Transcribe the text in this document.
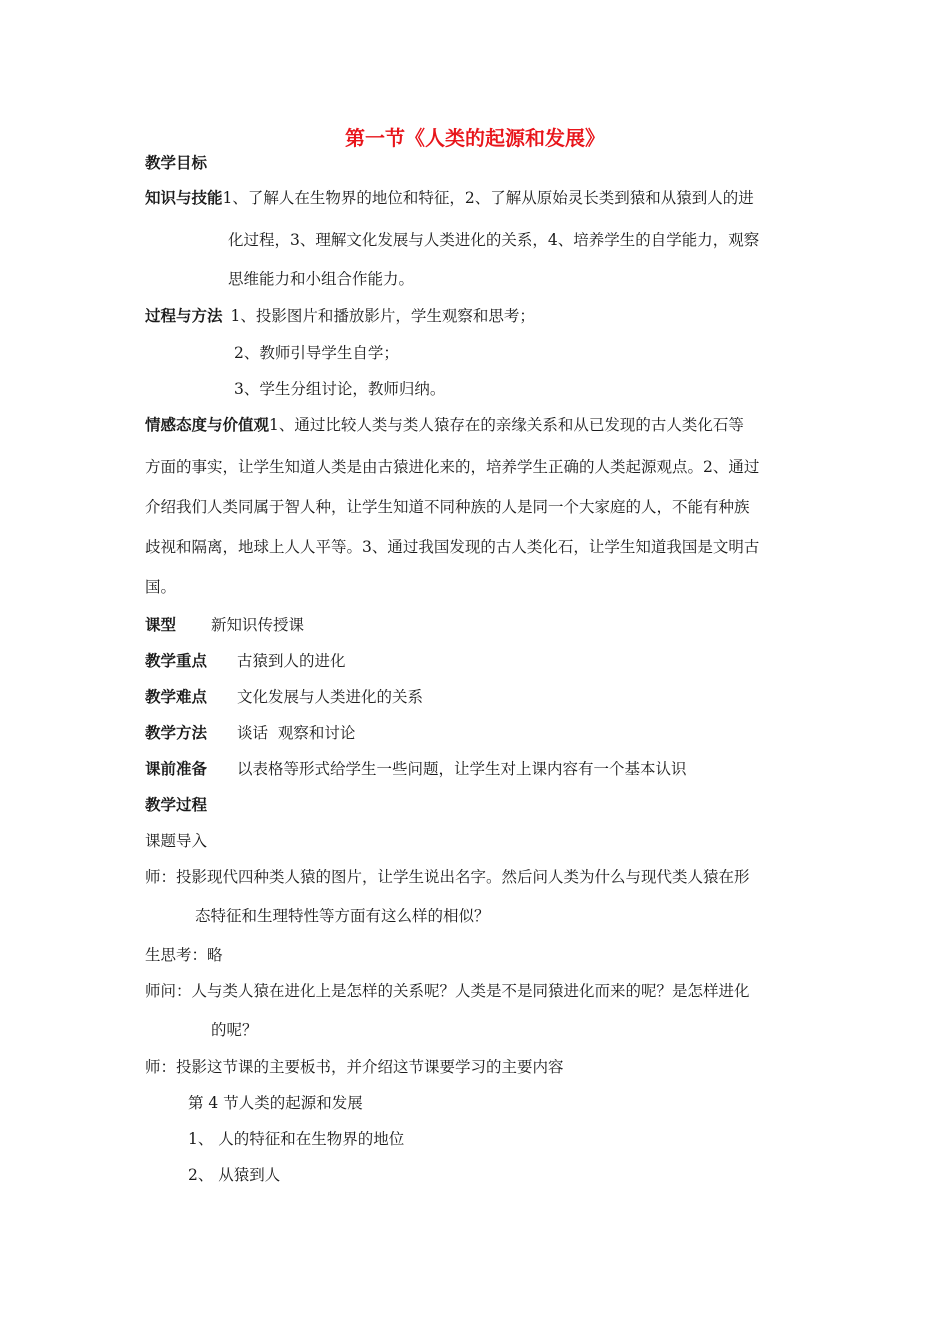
第一节《人类的起源和发展》
教学目标
知识与技能1、了解人在生物界的地位和特征，2、了解从原始灵长类到猿和从猿到人的进
化过程，3、理解文化发展与人类进化的关系，4、培养学生的自学能力，观察
思维能力和小组合作能力。
过程与方法 1、投影图片和播放影片，学生观察和思考；
2、教师引导学生自学；
3、学生分组讨论，教师归纳。
情感态度与价值观1、通过比较人类与类人猿存在的亲缘关系和从已发现的古人类化石等
方面的事实，让学生知道人类是由古猿进化来的，培养学生正确的人类起源观点。2、通过
介绍我们人类同属于智人种，让学生知道不同种族的人是同一个大家庭的人，不能有种族
歧视和隔离，地球上人人平等。3、通过我国发现的古人类化石，让学生知道我国是文明古
国。
课型 新知识传授课
教学重点 古猿到人的进化
教学难点 文化发展与人类进化的关系
教学方法 谈话  观察和讨论
课前准备 以表格等形式给学生一些问题，让学生对上课内容有一个基本认识
教学过程
课题导入
师：投影现代四种类人猿的图片，让学生说出名字。然后问人类为什么与现代类人猿在形
态特征和生理特性等方面有这么样的相似？
生思考：略
师问：人与类人猿在进化上是怎样的关系呢？人类是不是同猿进化而来的呢？是怎样进化
的呢？
师：投影这节课的主要板书，并介绍这节课要学习的主要内容
第 4 节人类的起源和发展
1、 人的特征和在生物界的地位
2、 从猿到人
